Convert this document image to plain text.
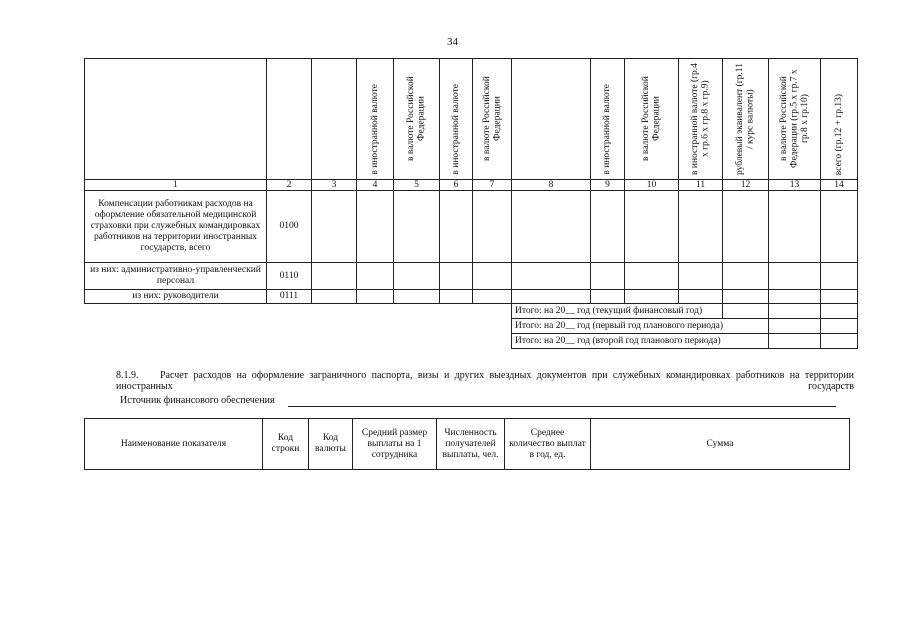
34

			в иностранной валюте	в валюте Российской Федерации	в иностранной валюте	в валюте Российской Федерации		в иностранной валюте	в валюте Российской Федерации	в иностранной валюте (гр.4 x гр.6 x гр.8 x гр.9)	рублевый эквивалент (гр.11 / курс валюты)	в валюте Российской Федерации (гр.5 x гр.7 x гр.8 x гр.10)	всего (гр.12 + гр.13)

1	2	3	4	5	6	7	8	9	10	11	12	13	14
Компенсации работникам расходов на оформление обязательной медицинской страховки при служебных командировках работников на территории иностранных государств, всего	0100												
из них: административно-управленческий персонал	0110												
из них: руководители	0111												
							Итого: на 20__ год (текущий финансовый год)						
							Итого: на 20__ год (первый год планового периода)						
							Итого: на 20__ год (второй год планового периода)						
8.1.9. Расчет расходов на оформление заграничного паспорта, визы и других выездных документов при служебных командировках работников на территории иностранных государств
Источник финансового обеспечения
Наименование показателя	Код строки	Код валюты	Средний размер выплаты на 1 сотрудника	Численность получателей выплаты, чел.	Среднее количество выплат в год, ед.	Сумма
